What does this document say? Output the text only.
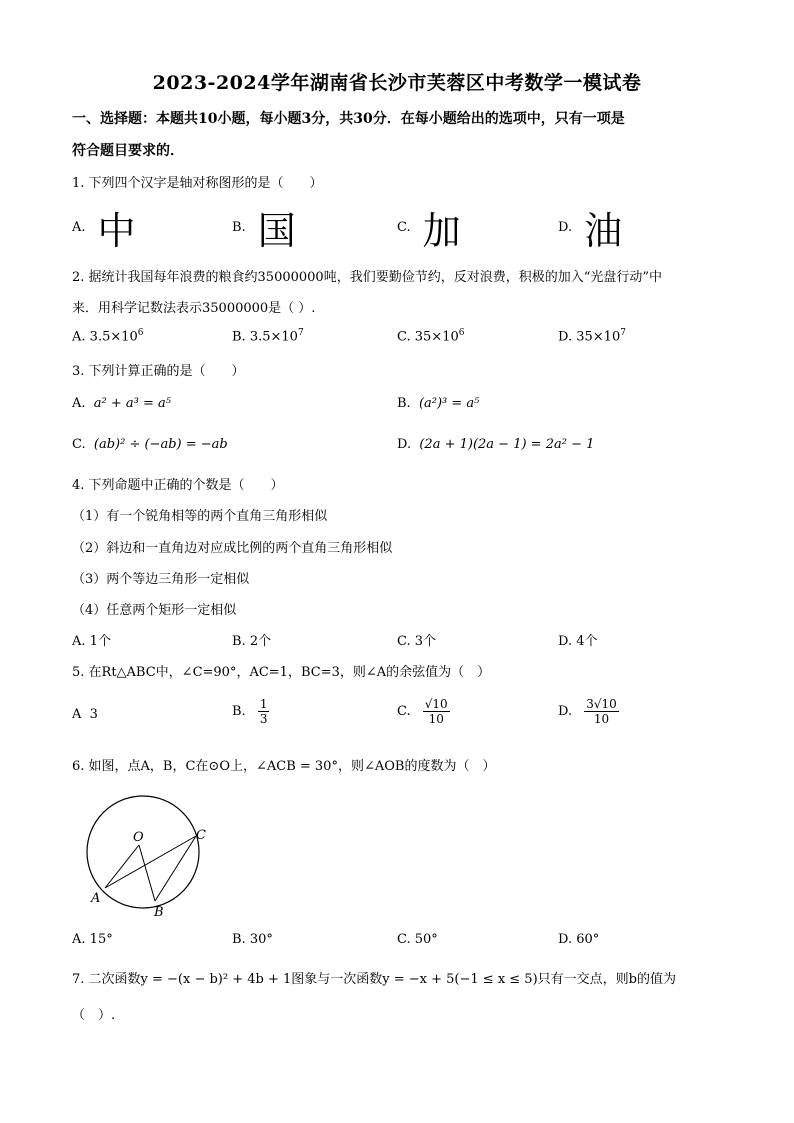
2023-2024学年湖南省长沙市芙蓉区中考数学一模试卷
一、选择题：本题共10小题，每小题3分，共30分．在每小题给出的选项中，只有一项是
符合题目要求的．
1. 下列四个汉字是轴对称图形的是（　　）
A. 中	B. 国	C. 加	D. 油
2. 据统计我国每年浪费的粮食约35000000吨，我们要勤俭节约，反对浪费，积极的加入“光盘行动”中
来．用科学记数法表示35000000是（ ）.
A. $3.5\times 10^6$	B. $3.5\times 10^7$	C. $35\times 10^6$	D. $35\times 10^7$
3. 下列计算正确的是（　　）
A. a² + a³ = a⁵	B. (a²)³ = a⁵
C. (ab)² ÷ (−ab) = −ab	D. (2a + 1)(2a − 1) = 2a² − 1
4. 下列命题中正确的个数是（　　）
（1）有一个锐角相等的两个直角三角形相似
（2）斜边和一直角边对应成比例的两个直角三角形相似
（3）两个等边三角形一定相似
（4）任意两个矩形一定相似
A. 1个	B. 2个	C. 3个	D. 4个
5. 在Rt△ABC中，∠C=90°，AC=1，BC=3，则∠A的余弦值为（　）
A 3	B. $\frac{1}{3}$	C. $\frac{√10}{10}$	D. $\frac{3√10}{10}$
6. 如图，点A，B，C在⊙O上，∠ACB = 30°，则∠AOB的度数为（　）
O
A
B
C
A. 15°	B. 30°	C. 50°	D. 60°
7. 二次函数y = −(x − b)² + 4b + 1图象与一次函数y = −x + 5(−1 ≤ x ≤ 5)只有一交点，则b的值为
（　）.
